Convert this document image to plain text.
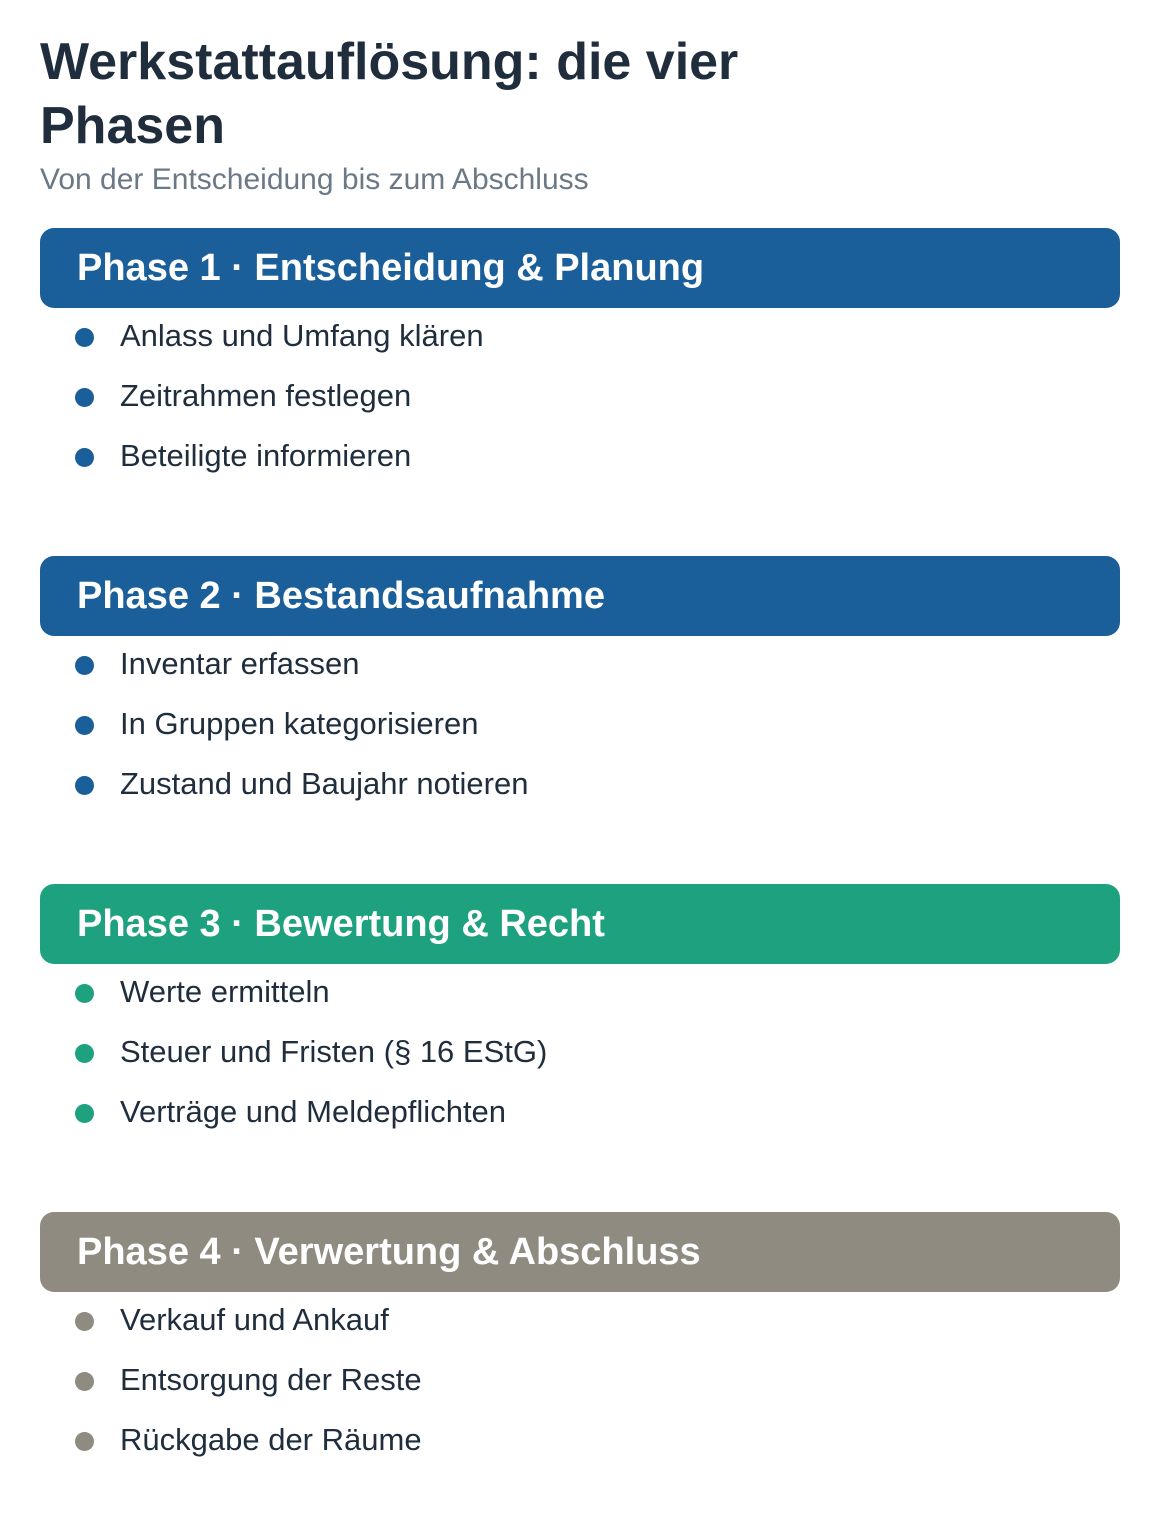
Werkstattauflösung: die vier Phasen
Von der Entscheidung bis zum Abschluss
Phase 1 · Entscheidung & Planung
Anlass und Umfang klären
Zeitrahmen festlegen
Beteiligte informieren
Phase 2 · Bestandsaufnahme
Inventar erfassen
In Gruppen kategorisieren
Zustand und Baujahr notieren
Phase 3 · Bewertung & Recht
Werte ermitteln
Steuer und Fristen (§ 16 EStG)
Verträge und Meldepflichten
Phase 4 · Verwertung & Abschluss
Verkauf und Ankauf
Entsorgung der Reste
Rückgabe der Räume
